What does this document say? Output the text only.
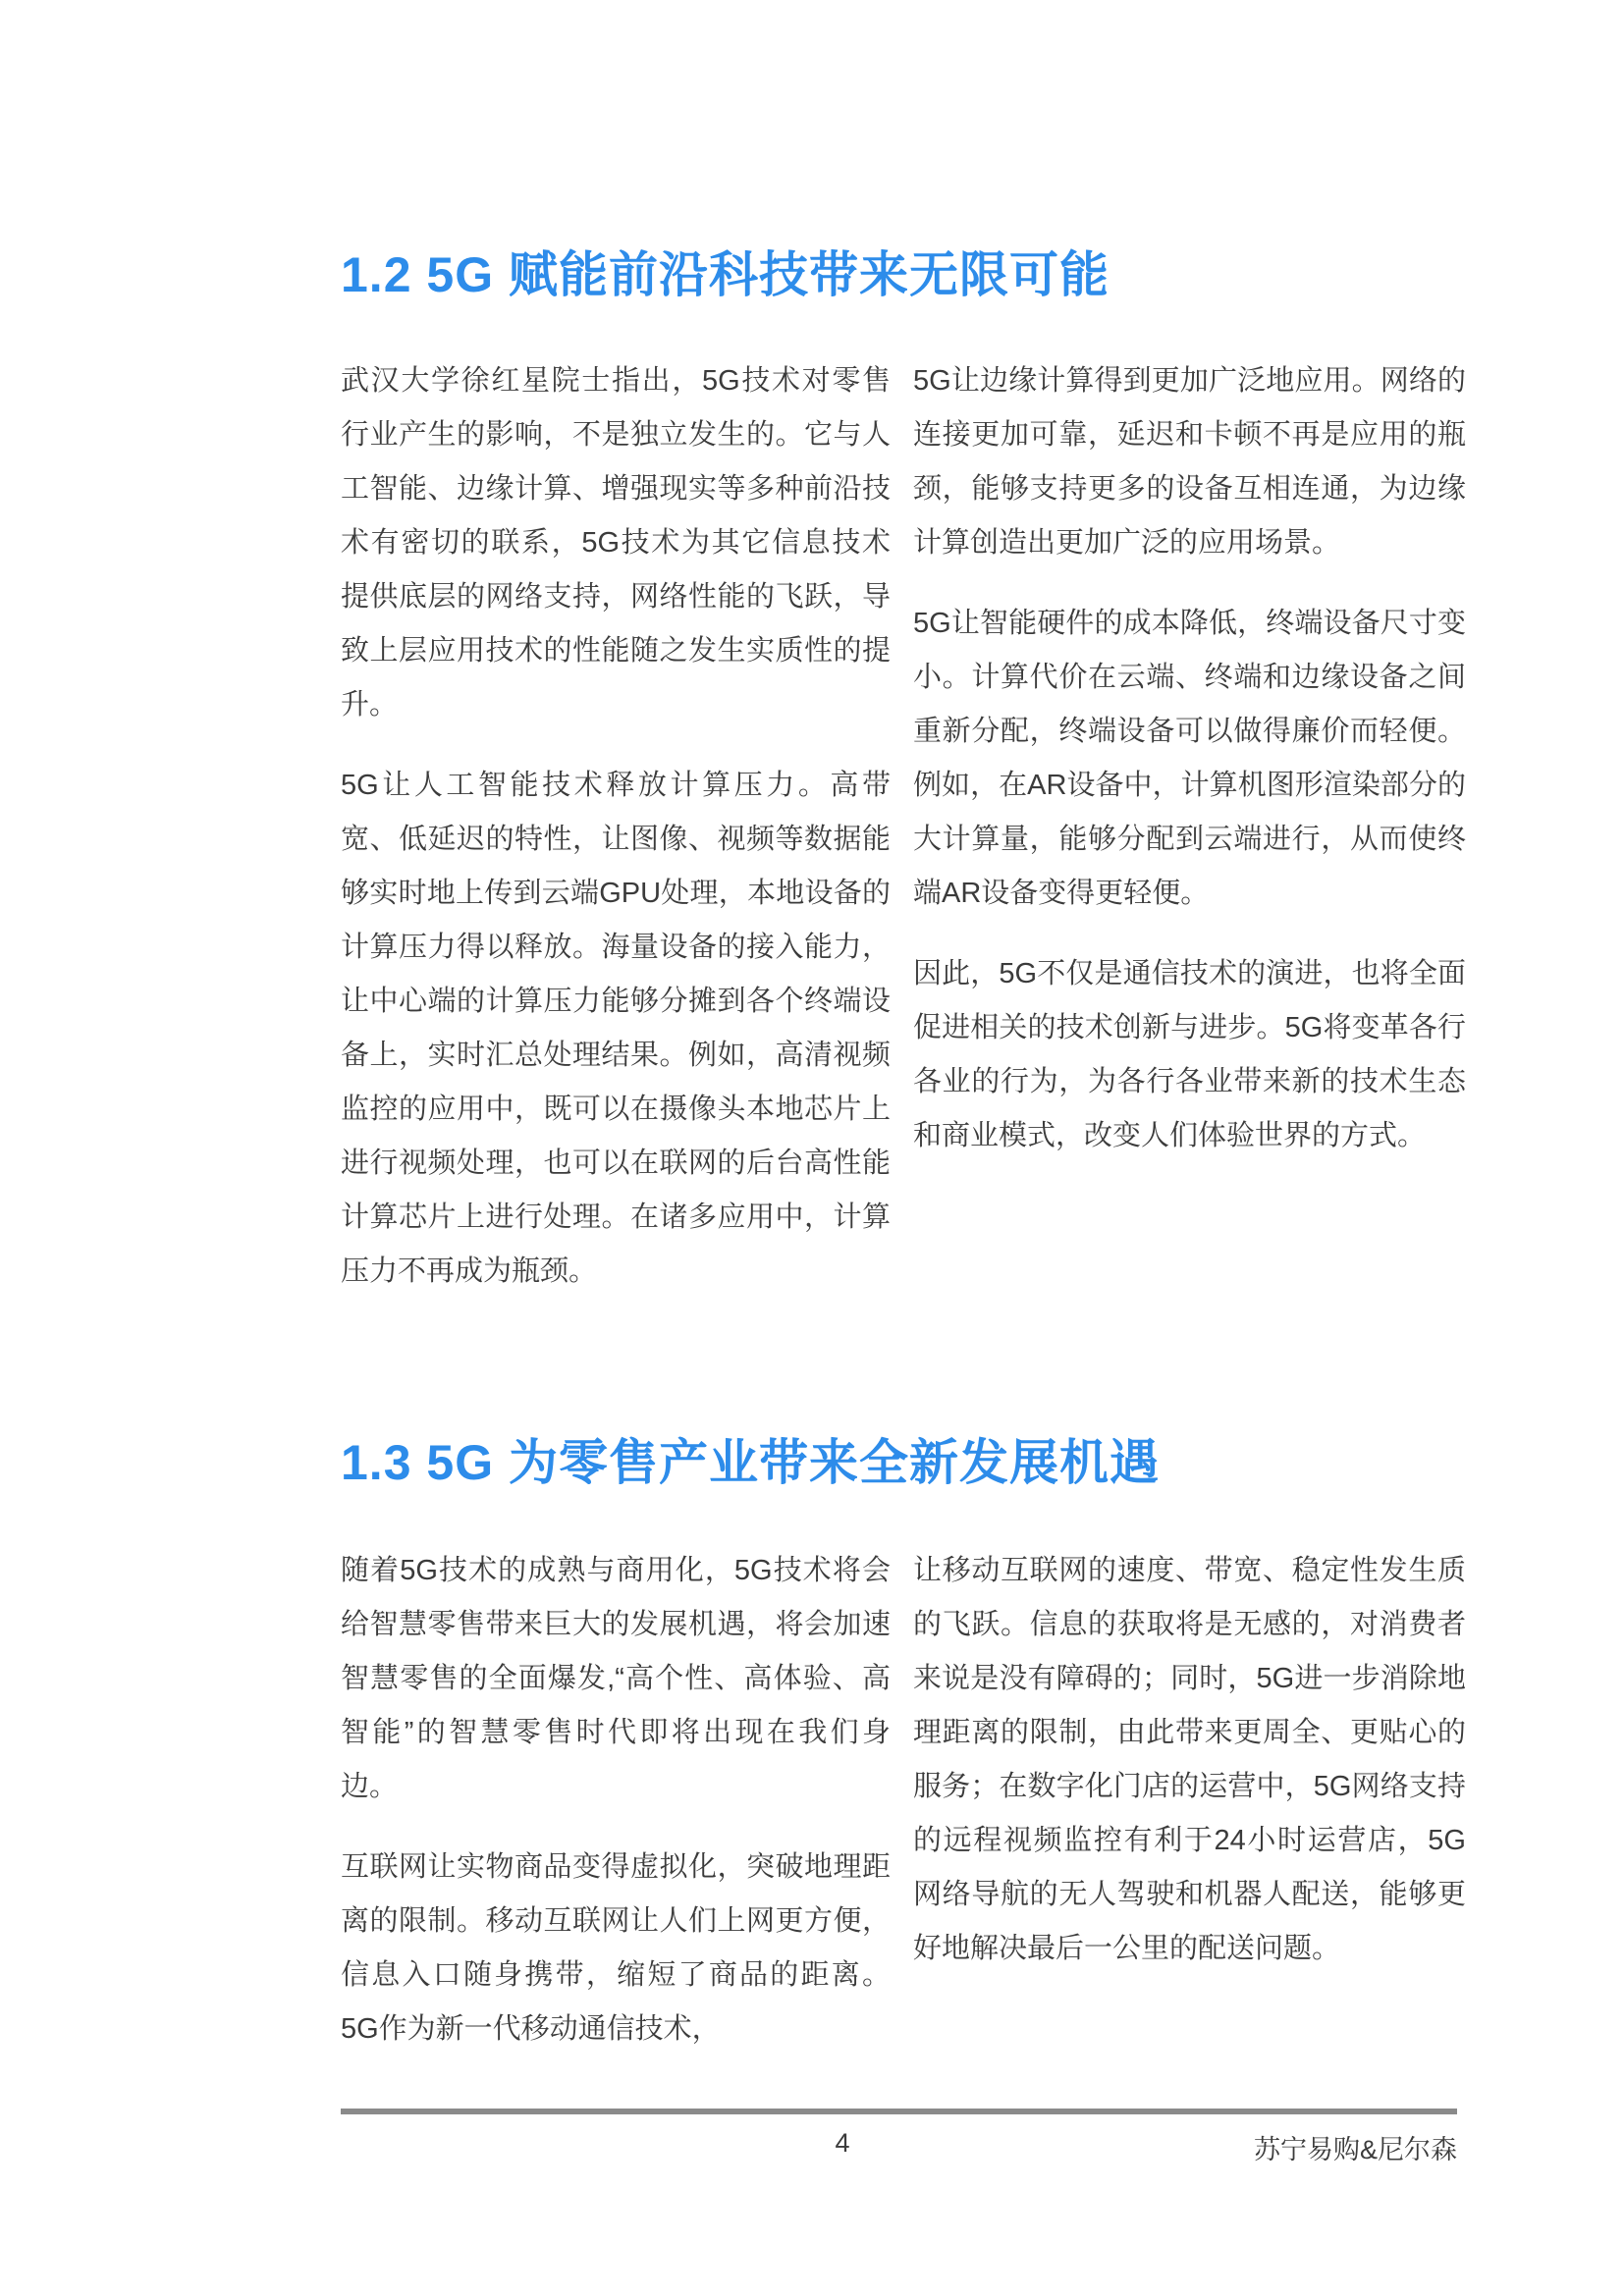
1.2 5G 赋能前沿科技带来无限可能

武汉大学徐红星院士指出，5G技术对零售行业产生的影响，不是独立发生的。它与人工智能、边缘计算、增强现实等多种前沿技术有密切的联系，5G技术为其它信息技术提供底层的网络支持，网络性能的飞跃，导致上层应用技术的性能随之发生实质性的提升。

5G让人工智能技术释放计算压力。高带宽、低延迟的特性，让图像、视频等数据能够实时地上传到云端GPU处理，本地设备的计算压力得以释放。海量设备的接入能力，让中心端的计算压力能够分摊到各个终端设备上，实时汇总处理结果。例如，高清视频监控的应用中，既可以在摄像头本地芯片上进行视频处理，也可以在联网的后台高性能计算芯片上进行处理。在诸多应用中，计算压力不再成为瓶颈。

5G让边缘计算得到更加广泛地应用。网络的连接更加可靠，延迟和卡顿不再是应用的瓶颈，能够支持更多的设备互相连通，为边缘计算创造出更加广泛的应用场景。

5G让智能硬件的成本降低，终端设备尺寸变小。计算代价在云端、终端和边缘设备之间重新分配，终端设备可以做得廉价而轻便。例如，在AR设备中，计算机图形渲染部分的大计算量，能够分配到云端进行，从而使终端AR设备变得更轻便。

因此，5G不仅是通信技术的演进，也将全面促进相关的技术创新与进步。5G将变革各行各业的行为，为各行各业带来新的技术生态和商业模式，改变人们体验世界的方式。

1.3 5G 为零售产业带来全新发展机遇

随着5G技术的成熟与商用化，5G技术将会给智慧零售带来巨大的发展机遇，将会加速智慧零售的全面爆发,“高个性、高体验、高智能”的智慧零售时代即将出现在我们身边。

互联网让实物商品变得虚拟化，突破地理距离的限制。移动互联网让人们上网更方便，信息入口随身携带，缩短了商品的距离。5G作为新一代移动通信技术，

让移动互联网的速度、带宽、稳定性发生质的飞跃。信息的获取将是无感的，对消费者来说是没有障碍的；同时，5G进一步消除地理距离的限制，由此带来更周全、更贴心的服务；在数字化门店的运营中，5G网络支持的远程视频监控有利于24小时运营店，5G网络导航的无人驾驶和机器人配送，能够更好地解决最后一公里的配送问题。

4	苏宁易购&尼尔森
